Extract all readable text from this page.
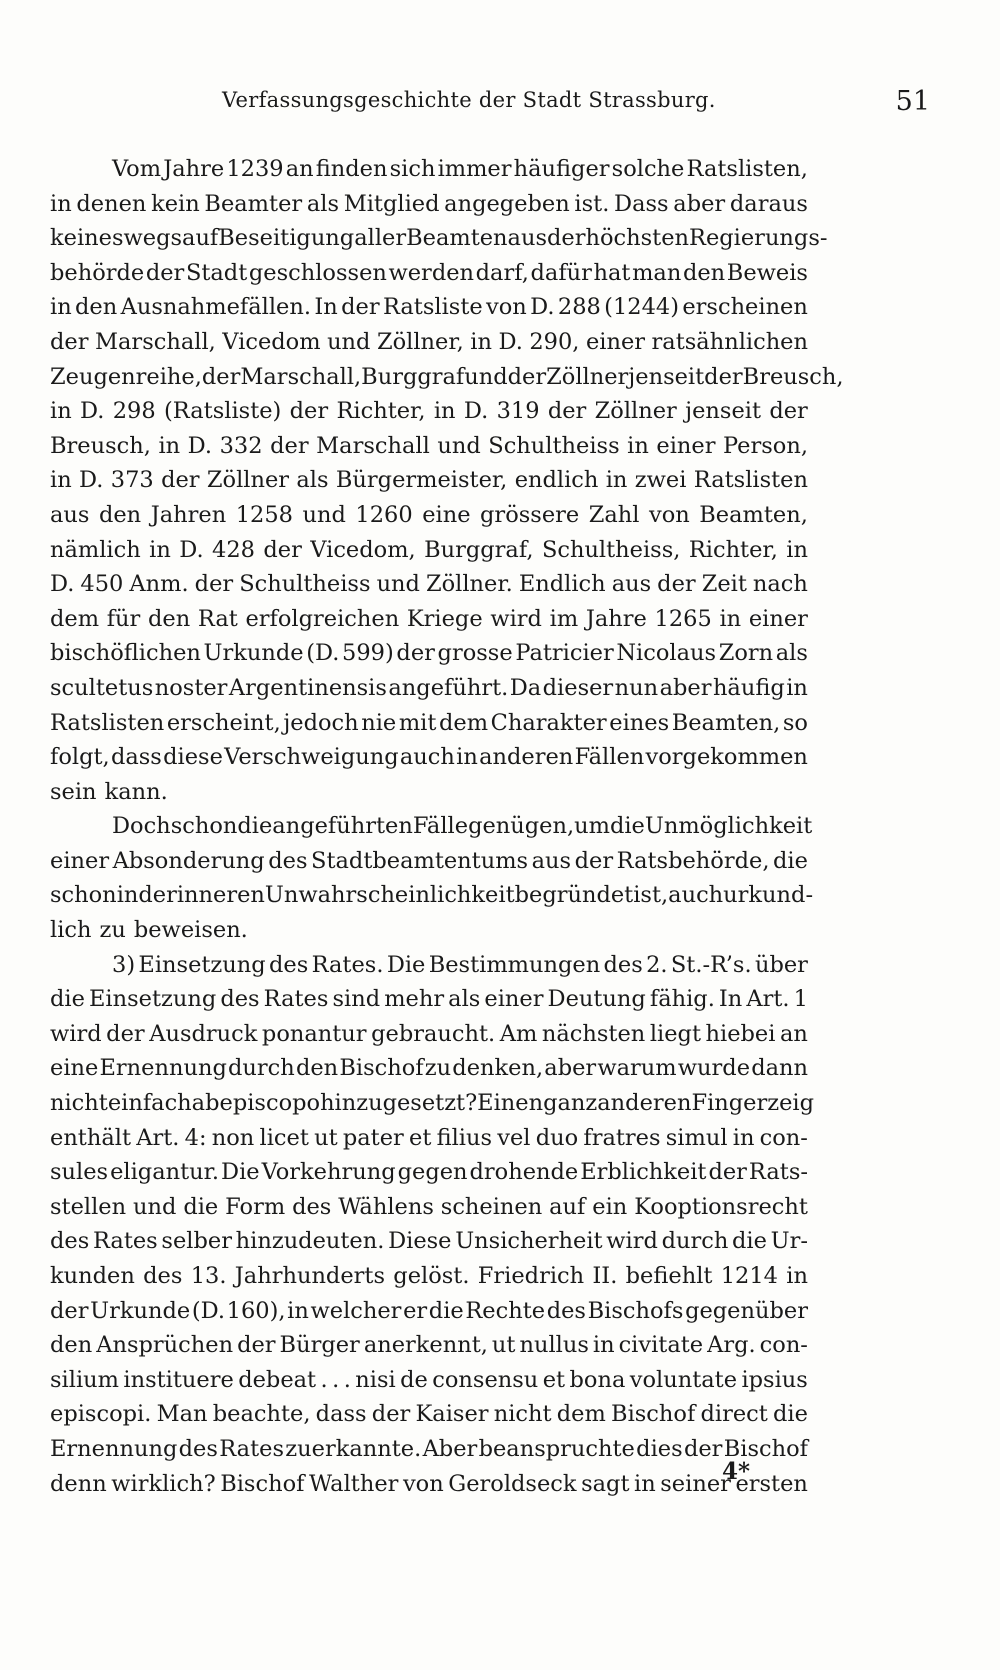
Verfassungsgeschichte der Stadt Strassburg.	51
Vom Jahre 1239 an finden sich immer häufiger solche Ratslisten,
in denen kein Beamter als Mitglied angegeben ist. Dass aber daraus
keineswegs auf Beseitigung aller Beamten aus der höchsten Regierungs-
behörde der Stadt geschlossen werden darf, dafür hat man den Beweis
in den Ausnahmefällen. In der Ratsliste von D. 288 (1244) erscheinen
der Marschall, Vicedom und Zöllner, in D. 290, einer ratsähnlichen
Zeugenreihe, der Marschall, Burggraf und der Zöllner jenseit der Breusch,
in D. 298 (Ratsliste) der Richter, in D. 319 der Zöllner jenseit der
Breusch, in D. 332 der Marschall und Schultheiss in einer Person,
in D. 373 der Zöllner als Bürgermeister, endlich in zwei Ratslisten
aus den Jahren 1258 und 1260 eine grössere Zahl von Beamten,
nämlich in D. 428 der Vicedom, Burggraf, Schultheiss, Richter, in
D. 450 Anm. der Schultheiss und Zöllner. Endlich aus der Zeit nach
dem für den Rat erfolgreichen Kriege wird im Jahre 1265 in einer
bischöflichen Urkunde (D. 599) der grosse Patricier Nicolaus Zorn als
scultetus noster Argentinensis angeführt. Da dieser nun aber häufig in
Ratslisten erscheint, jedoch nie mit dem Charakter eines Beamten, so
folgt, dass diese Verschweigung auch in anderen Fällen vorgekommen
sein kann.
Doch schon die angeführten Fälle genügen, um die Unmöglichkeit
einer Absonderung des Stadtbeamtentums aus der Ratsbehörde, die
schon in der inneren Unwahrscheinlichkeit begründet ist, auch urkund-
lich zu beweisen.
3) Einsetzung des Rates. Die Bestimmungen des 2. St.-R’s. über
die Einsetzung des Rates sind mehr als einer Deutung fähig. In Art. 1
wird der Ausdruck ponantur gebraucht. Am nächsten liegt hiebei an
eine Ernennung durch den Bischof zu denken, aber warum wurde dann
nicht einfach ab episcopo hinzugesetzt? Einen ganz anderen Fingerzeig
enthält Art. 4: non licet ut pater et filius vel duo fratres simul in con-
sules eligantur. Die Vorkehrung gegen drohende Erblichkeit der Rats-
stellen und die Form des Wählens scheinen auf ein Kooptionsrecht
des Rates selber hinzudeuten. Diese Unsicherheit wird durch die Ur-
kunden des 13. Jahrhunderts gelöst. Friedrich II. befiehlt 1214 in
der Urkunde (D. 160), in welcher er die Rechte des Bischofs gegenüber
den Ansprüchen der Bürger anerkennt, ut nullus in civitate Arg. con-
silium instituere debeat . . . nisi de consensu et bona voluntate ipsius
episcopi. Man beachte, dass der Kaiser nicht dem Bischof direct die
Ernennung des Rates zuerkannte. Aber beanspruchte dies der Bischof
denn wirklich? Bischof Walther von Geroldseck sagt in seiner ersten
4*
